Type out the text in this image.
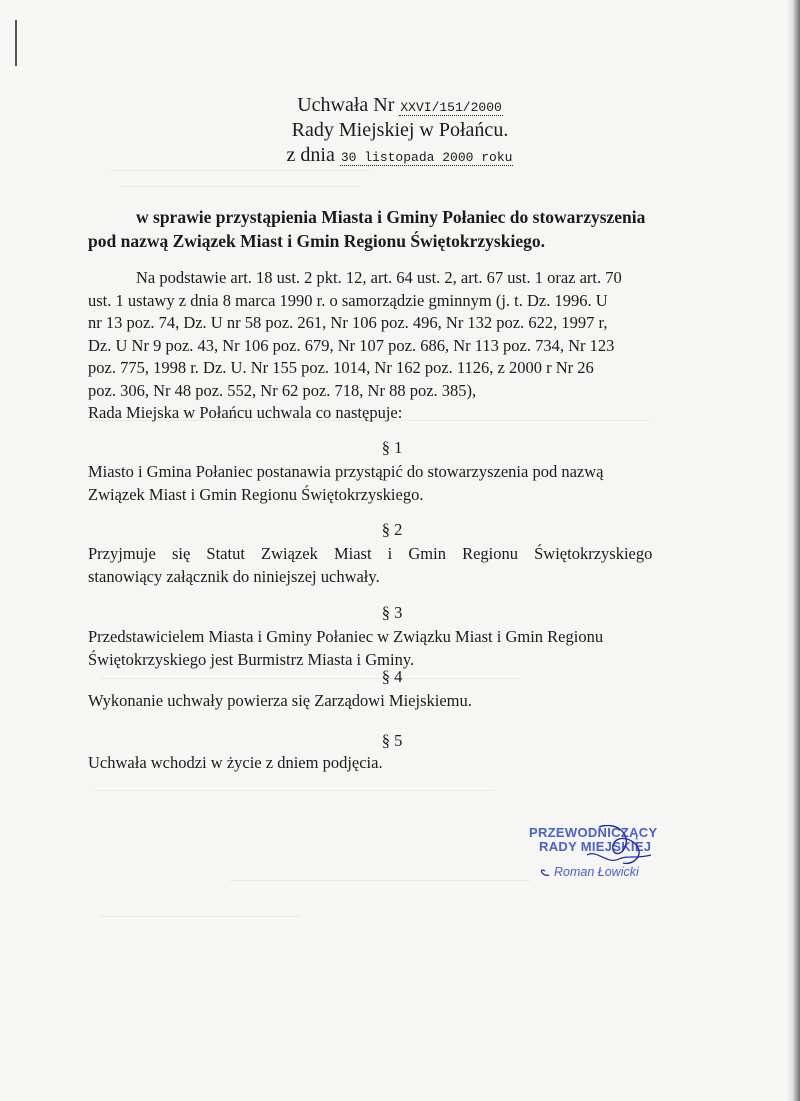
Uchwała Nr XXVI/151/2000
Rady Miejskiej w Połańcu.
z dnia 30 listopada 2000 roku
w sprawie przystąpienia Miasta i Gminy Połaniec do stowarzyszenia
pod nazwą Związek Miast i Gmin Regionu Świętokrzyskiego.
Na podstawie art. 18 ust. 2 pkt. 12, art. 64 ust. 2, art. 67 ust. 1 oraz art. 70
ust. 1 ustawy z dnia 8 marca 1990 r. o samorządzie gminnym (j. t. Dz. 1996. U
nr 13 poz. 74, Dz. U nr 58 poz. 261, Nr 106 poz. 496, Nr 132 poz. 622, 1997 r,
Dz. U Nr 9 poz. 43, Nr 106 poz. 679, Nr 107 poz. 686, Nr 113 poz. 734, Nr 123
poz. 775, 1998 r. Dz. U. Nr 155 poz. 1014, Nr 162 poz. 1126, z 2000 r Nr 26
poz. 306, Nr 48 poz. 552, Nr 62 poz. 718, Nr 88 poz. 385),
Rada Miejska w Połańcu uchwala co następuje:
§ 1
Miasto i Gmina Połaniec postanawia przystąpić do stowarzyszenia pod nazwą
Związek Miast i Gmin Regionu Świętokrzyskiego.
§ 2
Przyjmuje się Statut Związek Miast i Gmin Regionu Świętokrzyskiego
stanowiący załącznik do niniejszej uchwały.
§ 3
Przedstawicielem Miasta i Gminy Połaniec w Związku Miast i Gmin Regionu
Świętokrzyskiego jest Burmistrz Miasta i Gminy.
§ 4
Wykonanie uchwały powierza się Zarządowi Miejskiemu.
§ 5
Uchwała wchodzi w życie z dniem podjęcia.
PRZEWODNICZĄCY
RADY MIEJSKIEJ
Roman Łowicki
